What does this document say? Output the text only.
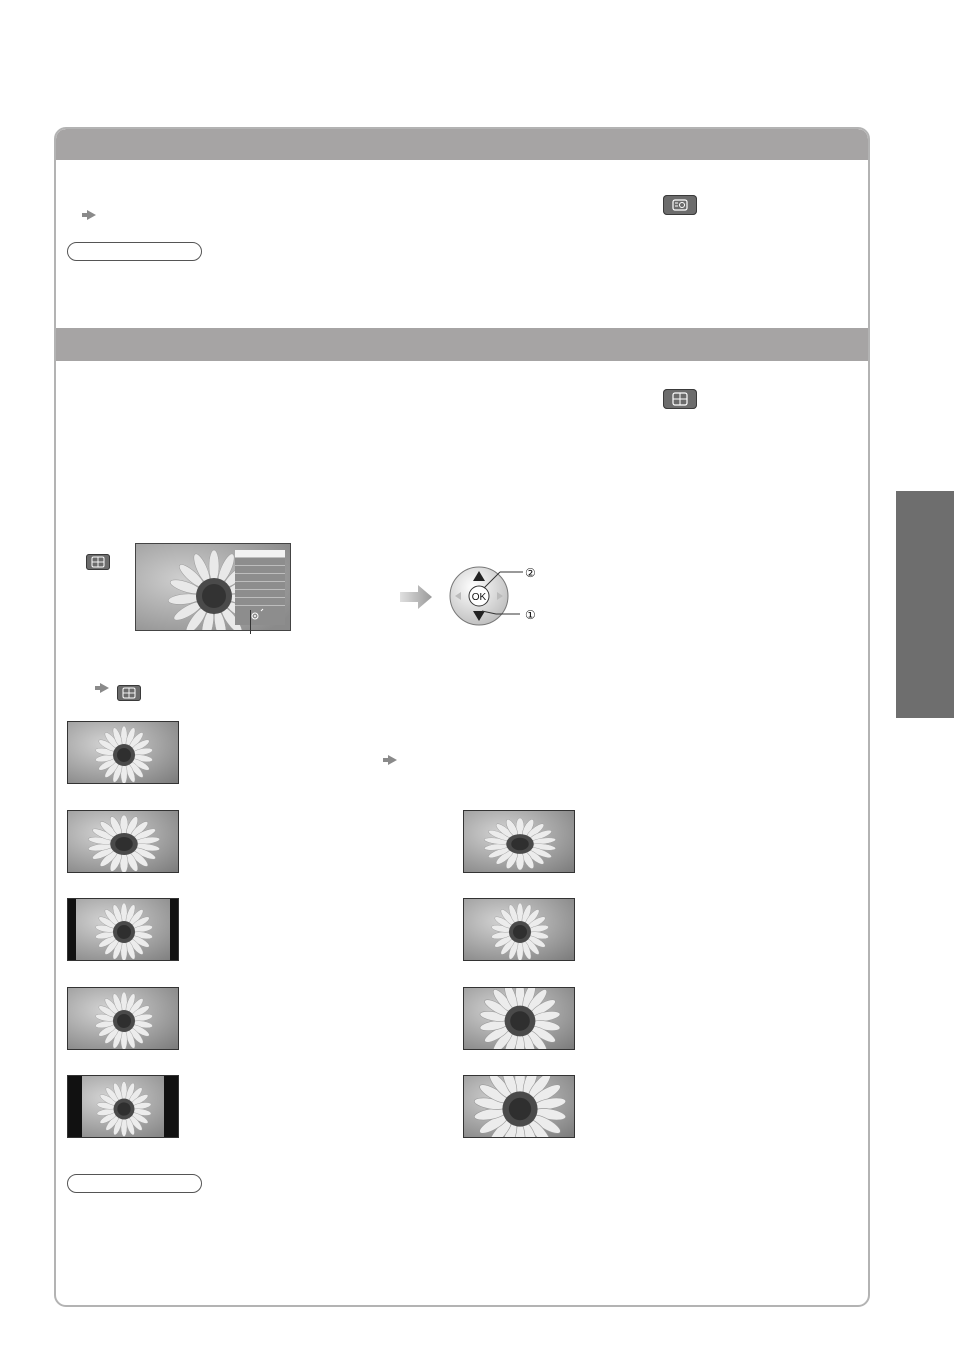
OK
②
①
